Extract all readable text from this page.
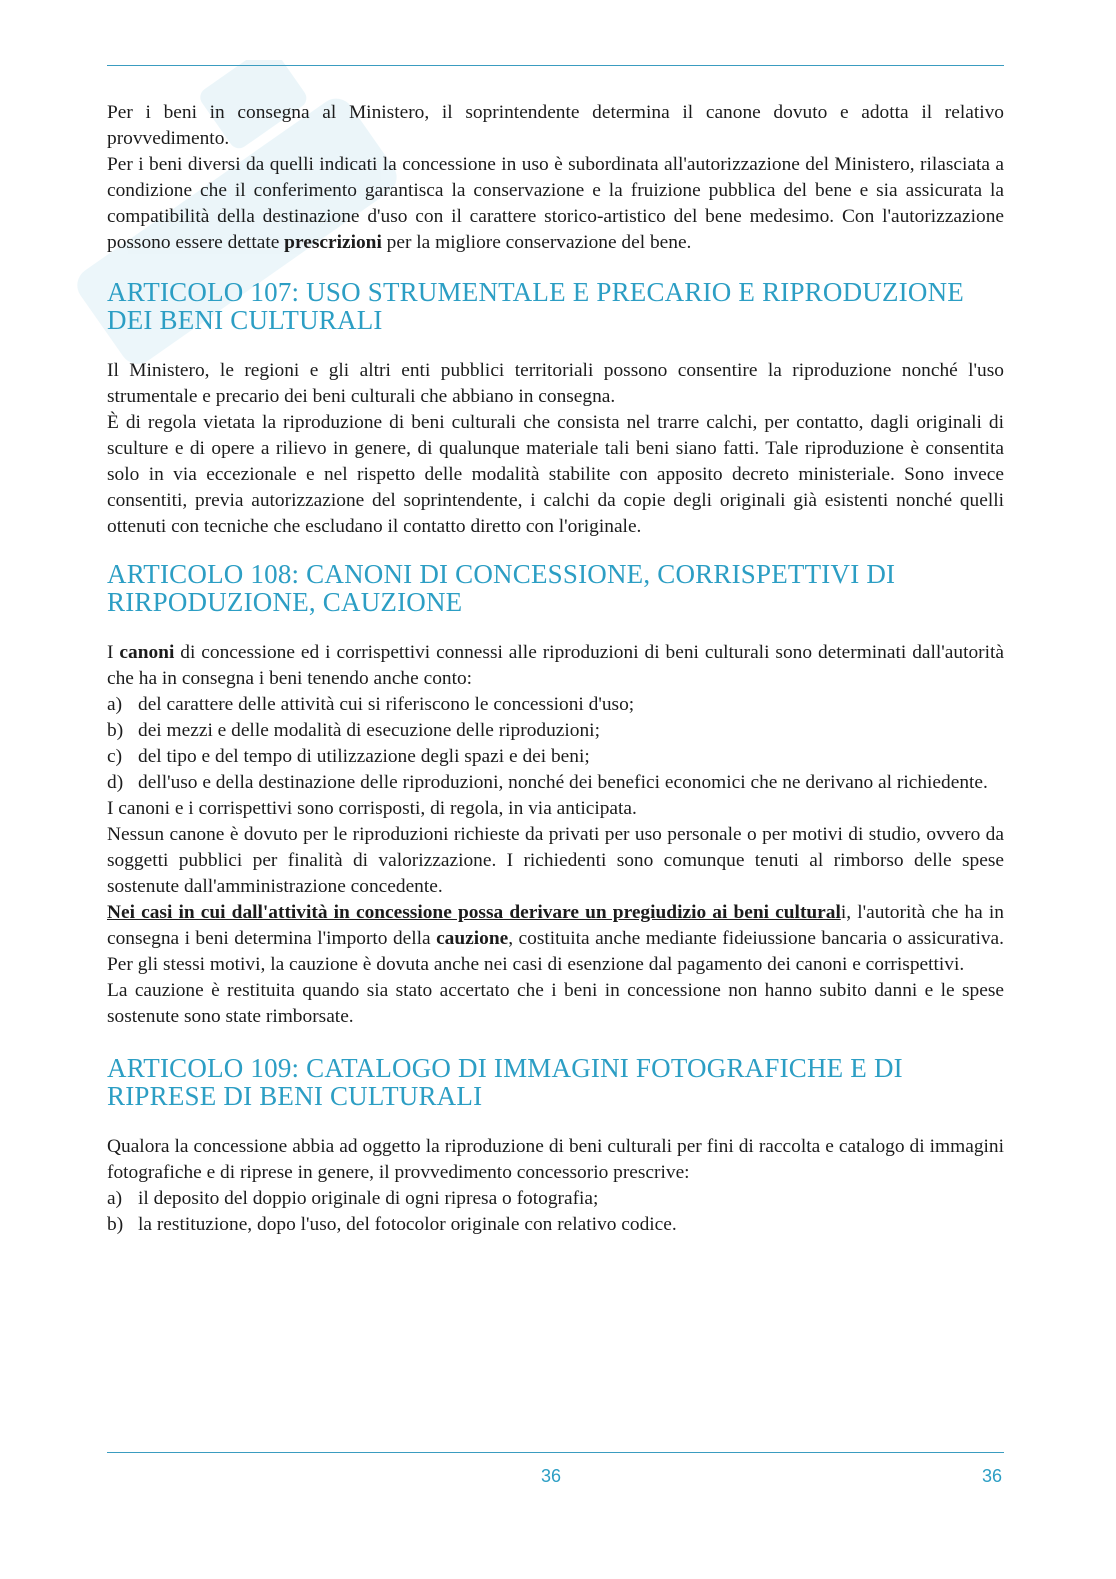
Per i beni in consegna al Ministero, il soprintendente determina il canone dovuto e adotta il relativo provvedimento.

Per i beni diversi da quelli indicati la concessione in uso è subordinata all'autorizzazione del Ministero, rilasciata a condizione che il conferimento garantisca la conservazione e la fruizione pubblica del bene e sia assicurata la compatibilità della destinazione d'uso con il carattere storico-artistico del bene medesimo. Con l'autorizzazione possono essere dettate prescrizioni per la migliore conservazione del bene.

ARTICOLO 107: USO STRUMENTALE E PRECARIO E RIPRODUZIONE DEI BENI CULTURALI

Il Ministero, le regioni e gli altri enti pubblici territoriali possono consentire la riproduzione nonché l'uso strumentale e precario dei beni culturali che abbiano in consegna.

È di regola vietata la riproduzione di beni culturali che consista nel trarre calchi, per contatto, dagli originali di sculture e di opere a rilievo in genere, di qualunque materiale tali beni siano fatti. Tale riproduzione è consentita solo in via eccezionale e nel rispetto delle modalità stabilite con apposito decreto ministeriale. Sono invece consentiti, previa autorizzazione del soprintendente, i calchi da copie degli originali già esistenti nonché quelli ottenuti con tecniche che escludano il contatto diretto con l'originale.

ARTICOLO 108: CANONI DI CONCESSIONE, CORRISPETTIVI DI RIRPODUZIONE, CAUZIONE

I canoni di concessione ed i corrispettivi connessi alle riproduzioni di beni culturali sono determinati dall'autorità che ha in consegna i beni tenendo anche conto:

a) del carattere delle attività cui si riferiscono le concessioni d'uso;
b) dei mezzi e delle modalità di esecuzione delle riproduzioni;
c) del tipo e del tempo di utilizzazione degli spazi e dei beni;
d) dell'uso e della destinazione delle riproduzioni, nonché dei benefici economici che ne derivano al richiedente.

I canoni e i corrispettivi sono corrisposti, di regola, in via anticipata.

Nessun canone è dovuto per le riproduzioni richieste da privati per uso personale o per motivi di studio, ovvero da soggetti pubblici per finalità di valorizzazione. I richiedenti sono comunque tenuti al rimborso delle spese sostenute dall'amministrazione concedente.

Nei casi in cui dall'attività in concessione possa derivare un pregiudizio ai beni culturali, l'autorità che ha in consegna i beni determina l'importo della cauzione, costituita anche mediante fideiussione bancaria o assicurativa. Per gli stessi motivi, la cauzione è dovuta anche nei casi di esenzione dal pagamento dei canoni e corrispettivi.

La cauzione è restituita quando sia stato accertato che i beni in concessione non hanno subito danni e le spese sostenute sono state rimborsate.

ARTICOLO 109: CATALOGO DI IMMAGINI FOTOGRAFICHE E DI RIPRESE DI BENI CULTURALI

Qualora la concessione abbia ad oggetto la riproduzione di beni culturali per fini di raccolta e catalogo di immagini fotografiche e di riprese in genere, il provvedimento concessorio prescrive:

a) il deposito del doppio originale di ogni ripresa o fotografia;
b) la restituzione, dopo l'uso, del fotocolor originale con relativo codice.
36	36
